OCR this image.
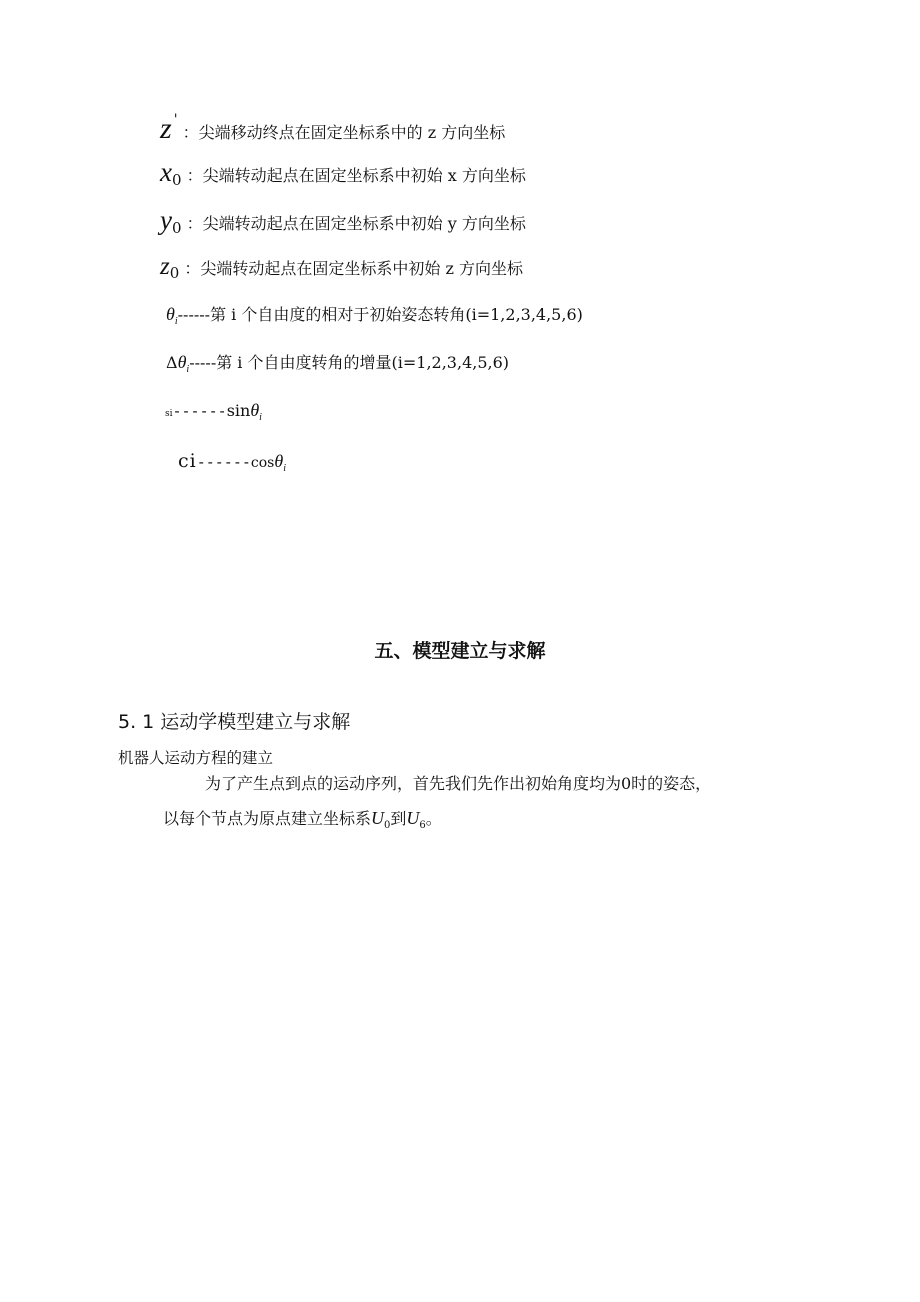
z ' ：尖端移动终点在固定坐标系中的 z 方向坐标
x0 ：尖端转动起点在固定坐标系中初始 x 方向坐标
y0 ：尖端转动起点在固定坐标系中初始 y 方向坐标
z0 ：尖端转动起点在固定坐标系中初始 z 方向坐标
$\theta_i------$第 i 个自由度的相对于初始姿态转角(i=1,2,3,4,5,6)
$\Delta\theta_i-----$第 i 个自由度转角的增量(i=1,2,3,4,5,6)
si------sinθ$_i$
ci------cosθ$_i$
五、模型建立与求解
5. 1 运动学模型建立与求解
机器人运动方程的建立
为了产生点到点的运动序列，首先我们先作出初始角度均为0时的姿态，
以每个节点为原点建立坐标系$U_0$到$U_6$。
